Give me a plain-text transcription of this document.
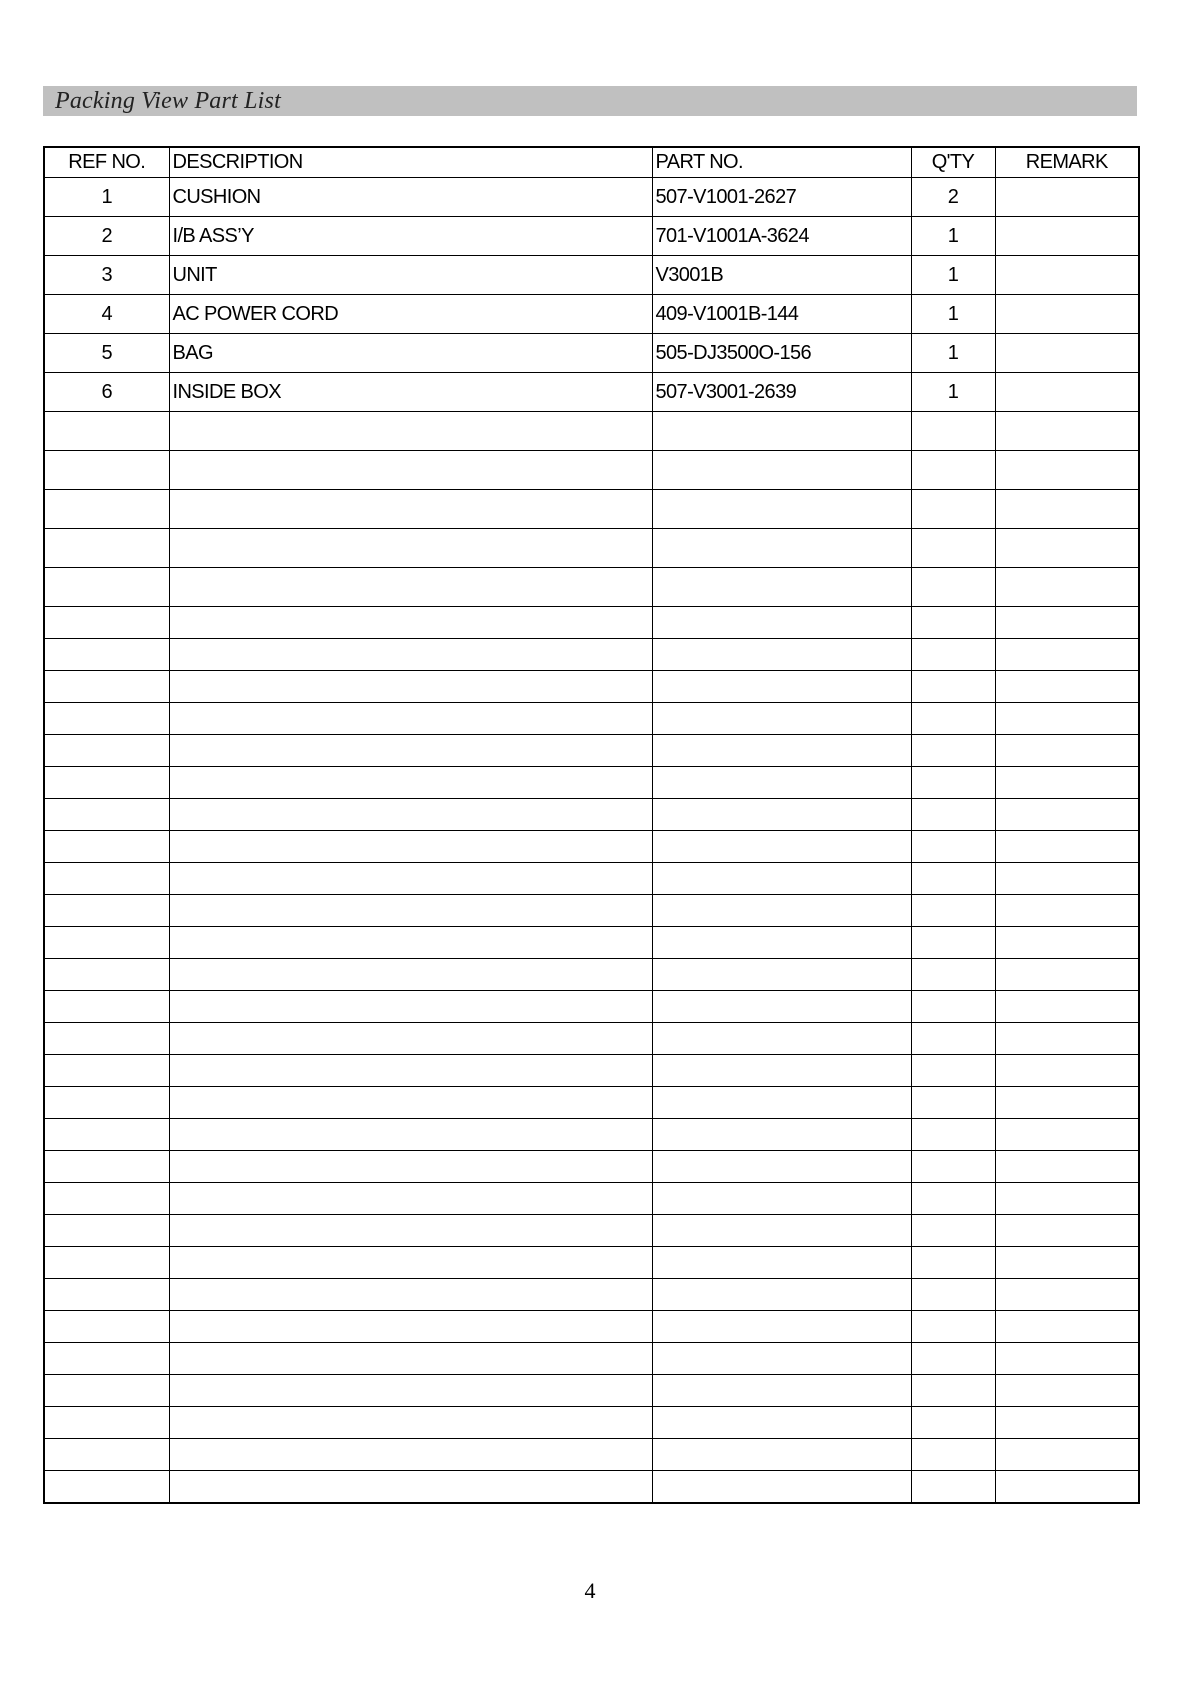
Packing View Part List
REF NO.	DESCRIPTION	PART NO.	Q'TY	REMARK
1	CUSHION	507-V1001-2627	2	
2	I/B ASS’Y	701-V1001A-3624	1	
3	UNIT	V3001B	1	
4	AC POWER CORD	409-V1001B-144	1	
5	BAG	505-DJ3500O-156	1	
6	INSIDE BOX	507-V3001-2639	1	

4
